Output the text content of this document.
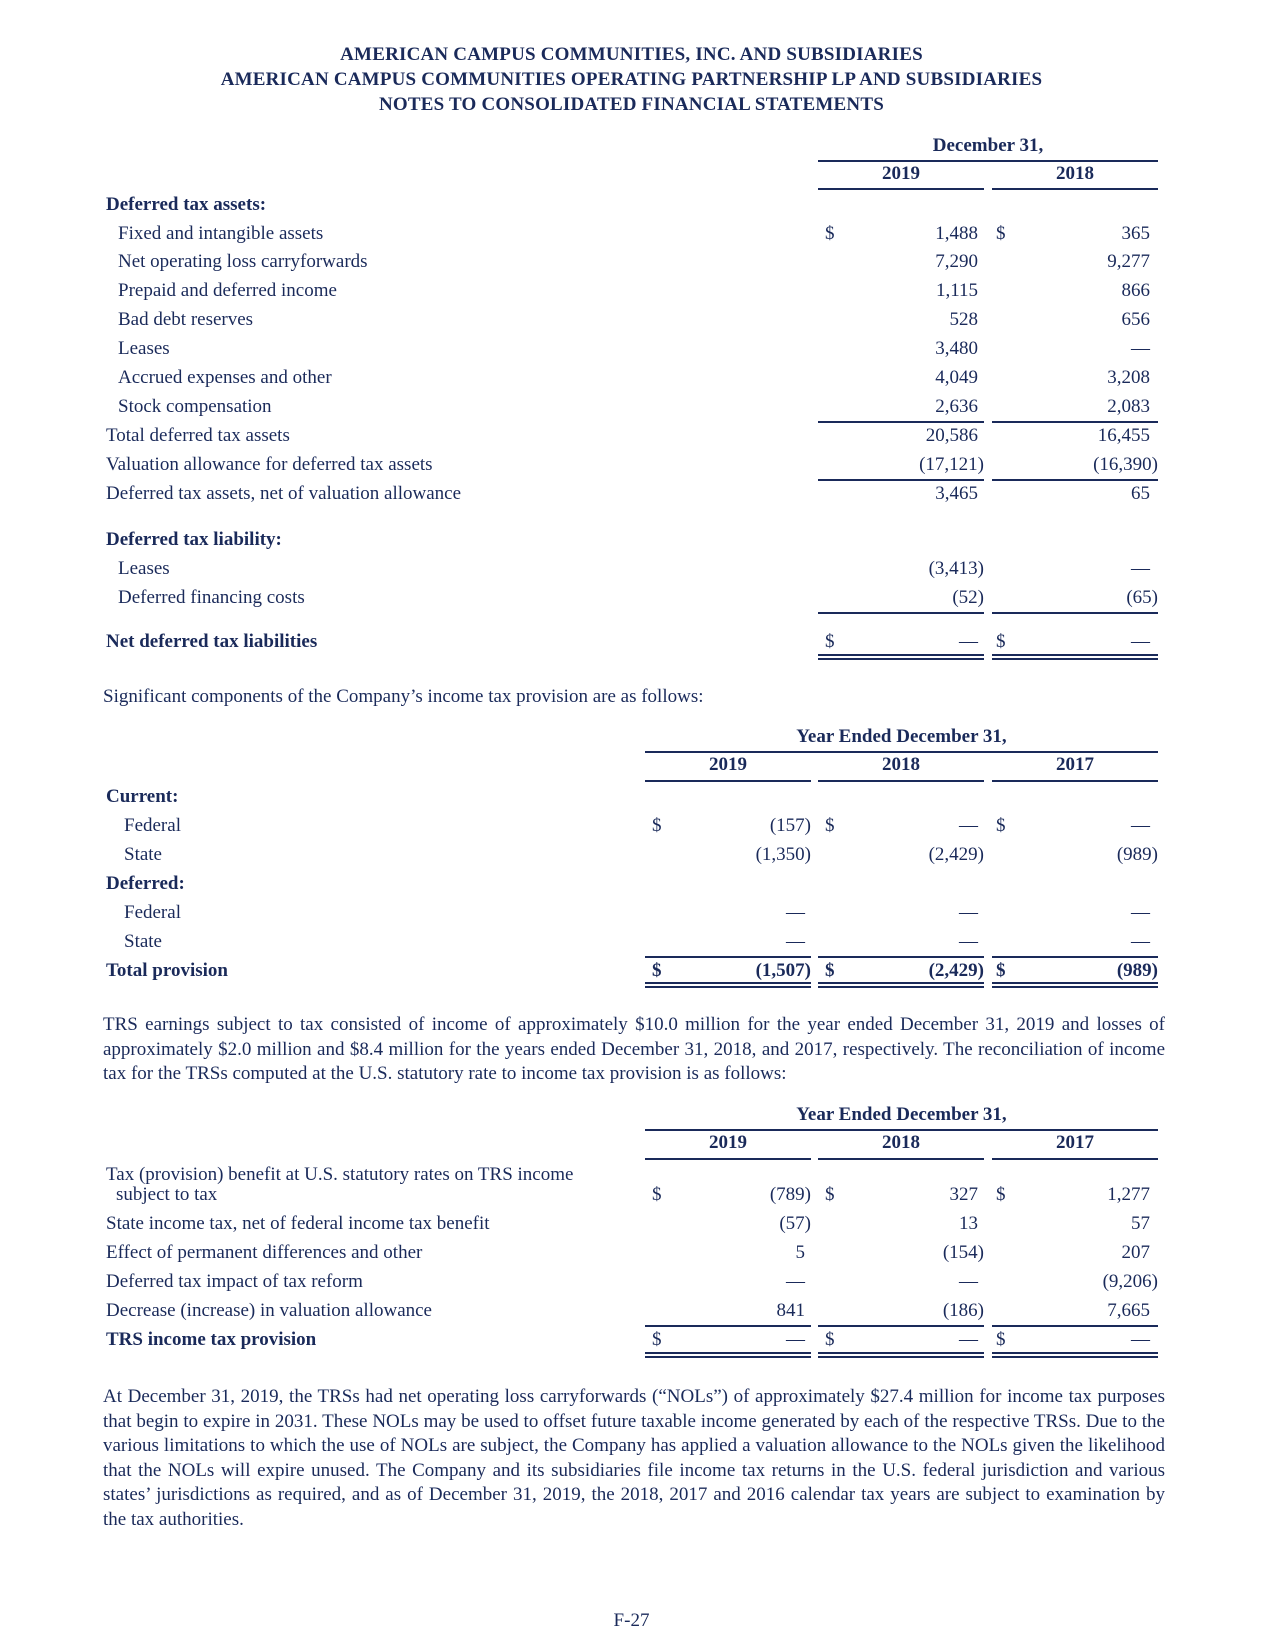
AMERICAN CAMPUS COMMUNITIES, INC. AND SUBSIDIARIES
AMERICAN CAMPUS COMMUNITIES OPERATING PARTNERSHIP LP AND SUBSIDIARIES
NOTES TO CONSOLIDATED FINANCIAL STATEMENTS
December 31,
2019	2018
Deferred tax assets:
Fixed and intangible assets	$	1,488 $	365
Net operating loss carryforwards	7,290	9,277
Prepaid and deferred income	1,115	866
Bad debt reserves	528	656
Leases	3,480	—
Accrued expenses and other	4,049	3,208
Stock compensation	2,636	2,083
Total deferred tax assets	20,586	16,455
Valuation allowance for deferred tax assets	(17,121)	(16,390)
Deferred tax assets, net of valuation allowance	3,465	65
Deferred tax liability:
Leases	(3,413)	—
Deferred financing costs	(52)	(65)
Net deferred tax liabilities	$	— $	—
Significant components of the Company’s income tax provision are as follows:
Year Ended December 31,
2019	2018	2017
Current:
Federal	$	(157) $	— $	—
State	(1,350)	(2,429)	(989)
Deferred:
Federal	—	—	—
State	—	—	—
Total provision	$	(1,507) $	(2,429) $	(989)
TRS earnings subject to tax consisted of income of approximately $10.0 million for the year ended December 31, 2019 and losses of approximately $2.0 million and $8.4 million for the years ended December 31, 2018, and 2017, respectively. The reconciliation of income tax for the TRSs computed at the U.S. statutory rate to income tax provision is as follows:
Year Ended December 31,
2019	2018	2017
Tax (provision) benefit at U.S. statutory rates on TRS income
subject to tax	$	(789) $	327 $	1,277
State income tax, net of federal income tax benefit	(57)	13	57
Effect of permanent differences and other	5	(154)	207
Deferred tax impact of tax reform	—	—	(9,206)
Decrease (increase) in valuation allowance	841	(186)	7,665
TRS income tax provision	$	— $	— $	—
At December 31, 2019, the TRSs had net operating loss carryforwards (“NOLs”) of approximately $27.4 million for income tax purposes that begin to expire in 2031. These NOLs may be used to offset future taxable income generated by each of the respective TRSs. Due to the various limitations to which the use of NOLs are subject, the Company has applied a valuation allowance to the NOLs given the likelihood that the NOLs will expire unused. The Company and its subsidiaries file income tax returns in the U.S. federal jurisdiction and various states’ jurisdictions as required, and as of December 31, 2019, the 2018, 2017 and 2016 calendar tax years are subject to examination by the tax authorities.
F-27
